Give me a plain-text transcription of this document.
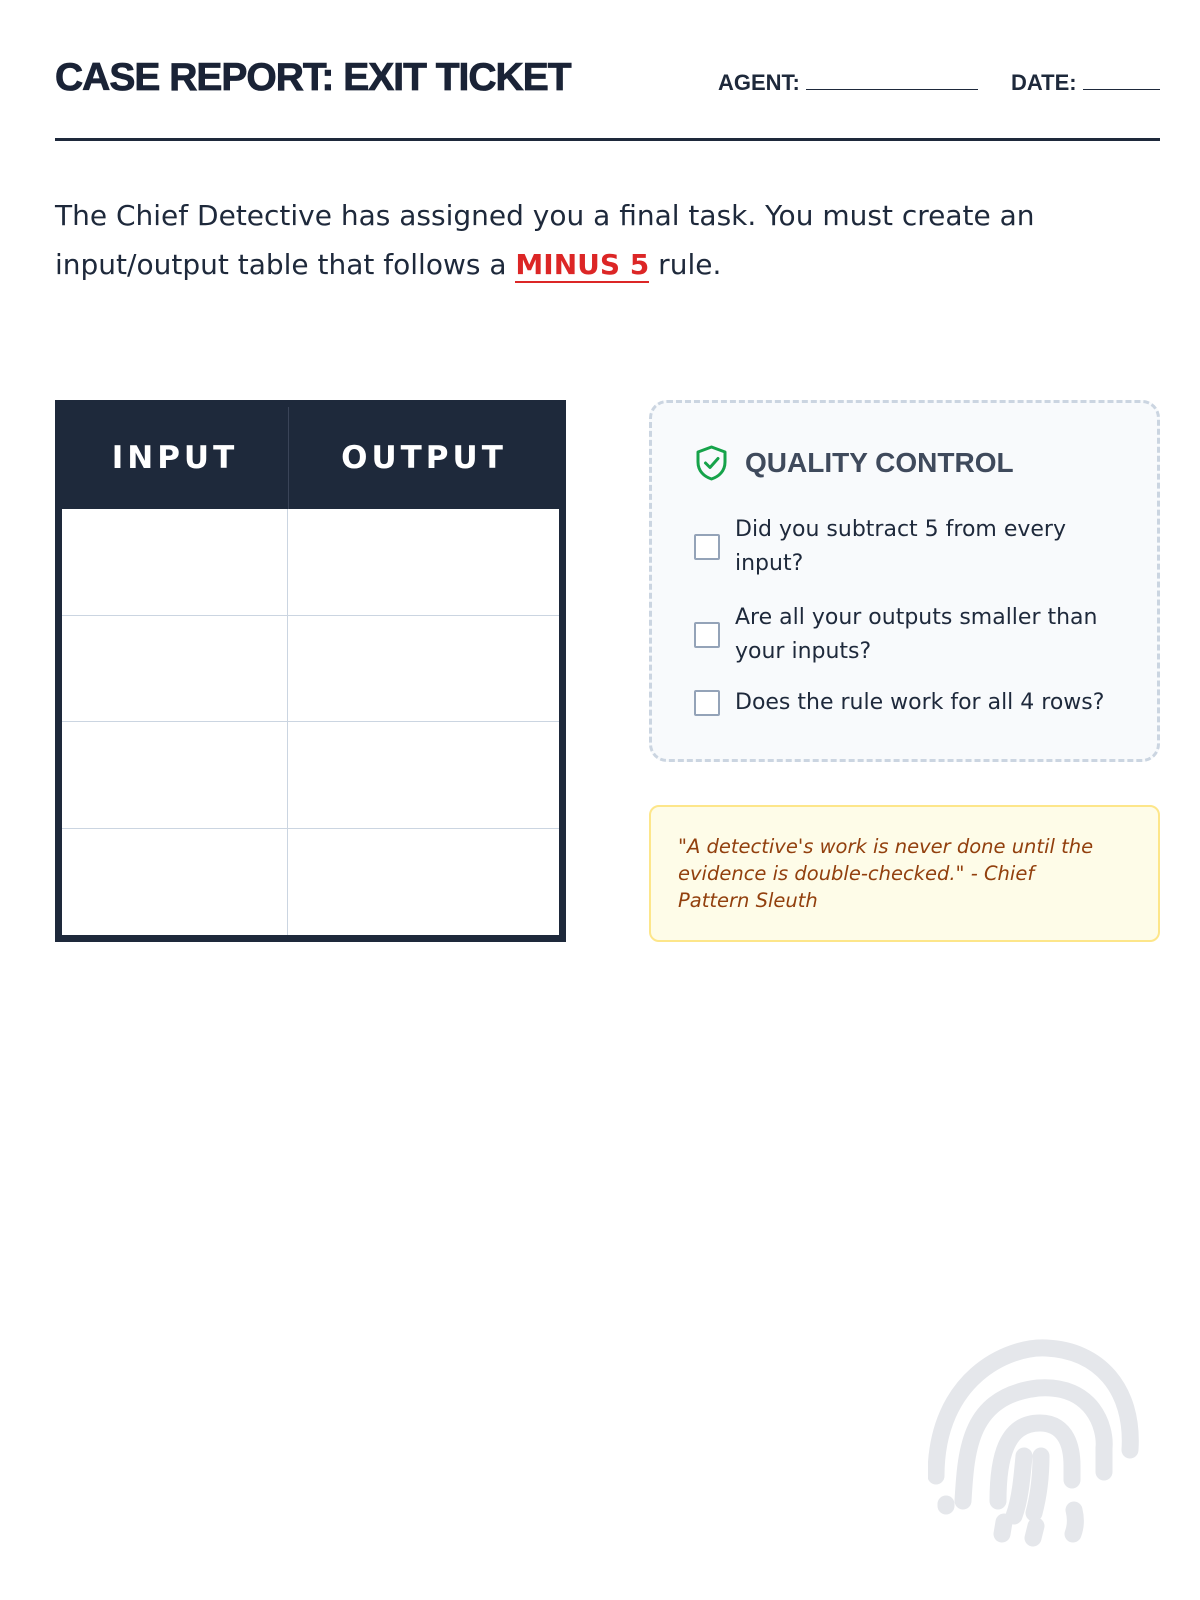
CASE REPORT: EXIT TICKET	AGENT:	DATE:

The Chief Detective has assigned you a final task. You must create an input/output table that follows a MINUS 5 rule.

INPUT	OUTPUT	QUALITY CONTROL
Did you subtract 5 from every input?
Are all your outputs smaller than your inputs?
Does the rule work for all 4 rows?

"A detective's work is never done until the evidence is double-checked." - Chief Pattern Sleuth
